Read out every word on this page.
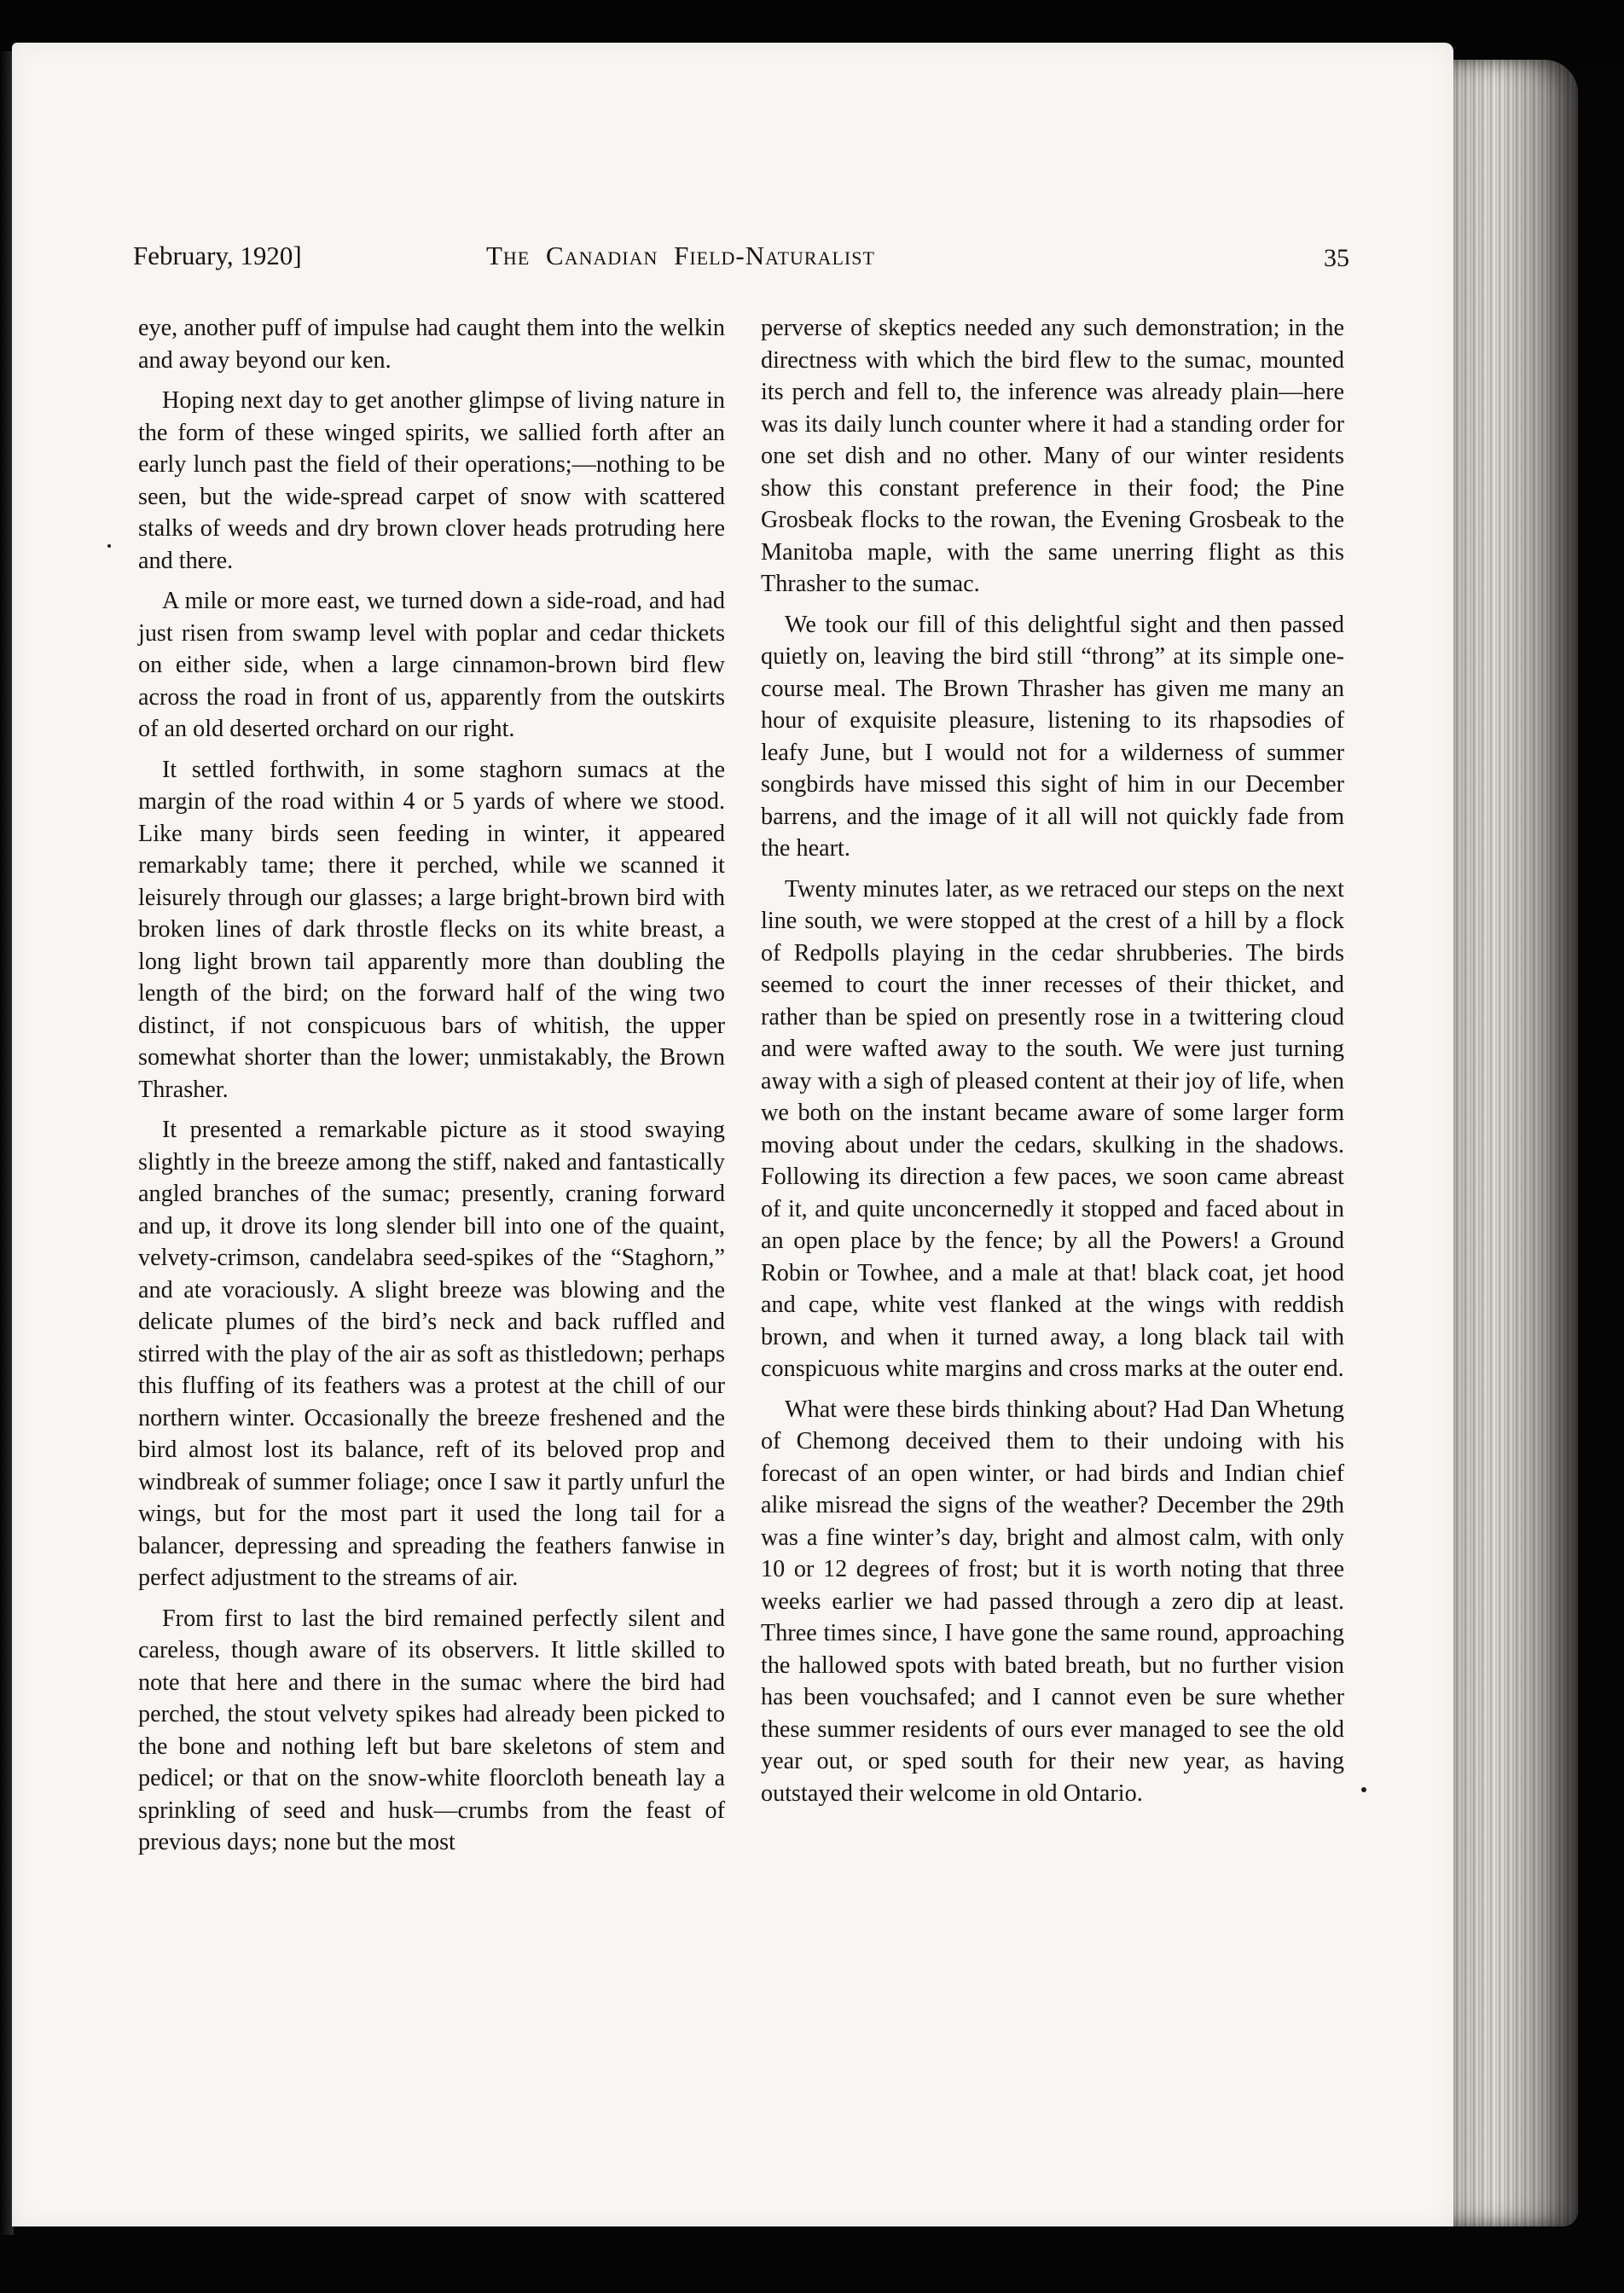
February, 1920]	The Canadian Field-Naturalist	35

eye, another puff of impulse had caught them into the welkin and away beyond our ken.

Hoping next day to get another glimpse of living nature in the form of these winged spirits, we sallied forth after an early lunch past the field of their operations;—nothing to be seen, but the wide-spread carpet of snow with scattered stalks of weeds and dry brown clover heads protruding here and there.

A mile or more east, we turned down a side-road, and had just risen from swamp level with poplar and cedar thickets on either side, when a large cinnamon-brown bird flew across the road in front of us, apparently from the outskirts of an old deserted orchard on our right.

It settled forthwith, in some staghorn sumacs at the margin of the road within 4 or 5 yards of where we stood. Like many birds seen feeding in winter, it appeared remarkably tame; there it perched, while we scanned it leisurely through our glasses; a large bright-brown bird with broken lines of dark throstle flecks on its white breast, a long light brown tail apparently more than doubling the length of the bird; on the forward half of the wing two distinct, if not conspicuous bars of whitish, the upper somewhat shorter than the lower; unmistakably, the Brown Thrasher.

It presented a remarkable picture as it stood swaying slightly in the breeze among the stiff, naked and fantastically angled branches of the sumac; presently, craning forward and up, it drove its long slender bill into one of the quaint, velvety-crimson, candelabra seed-spikes of the “Staghorn,” and ate voraciously. A slight breeze was blowing and the delicate plumes of the bird’s neck and back ruffled and stirred with the play of the air as soft as thistledown; perhaps this fluffing of its feathers was a protest at the chill of our northern winter. Occasionally the breeze freshened and the bird almost lost its balance, reft of its beloved prop and windbreak of summer foliage; once I saw it partly unfurl the wings, but for the most part it used the long tail for a balancer, depressing and spreading the feathers fanwise in perfect adjustment to the streams of air.

From first to last the bird remained perfectly silent and careless, though aware of its observers. It little skilled to note that here and there in the sumac where the bird had perched, the stout velvety spikes had already been picked to the bone and nothing left but bare skeletons of stem and pedicel; or that on the snow-white floorcloth beneath lay a sprinkling of seed and husk—crumbs from the feast of previous days; none but the most

perverse of skeptics needed any such demonstration; in the directness with which the bird flew to the sumac, mounted its perch and fell to, the inference was already plain—here was its daily lunch counter where it had a standing order for one set dish and no other. Many of our winter residents show this constant preference in their food; the Pine Grosbeak flocks to the rowan, the Evening Grosbeak to the Manitoba maple, with the same unerring flight as this Thrasher to the sumac.

We took our fill of this delightful sight and then passed quietly on, leaving the bird still “throng” at its simple one-course meal. The Brown Thrasher has given me many an hour of exquisite pleasure, listening to its rhapsodies of leafy June, but I would not for a wilderness of summer songbirds have missed this sight of him in our December barrens, and the image of it all will not quickly fade from the heart.

Twenty minutes later, as we retraced our steps on the next line south, we were stopped at the crest of a hill by a flock of Redpolls playing in the cedar shrubberies. The birds seemed to court the inner recesses of their thicket, and rather than be spied on presently rose in a twittering cloud and were wafted away to the south. We were just turning away with a sigh of pleased content at their joy of life, when we both on the instant became aware of some larger form moving about under the cedars, skulking in the shadows. Following its direction a few paces, we soon came abreast of it, and quite unconcernedly it stopped and faced about in an open place by the fence; by all the Powers! a Ground Robin or Towhee, and a male at that! black coat, jet hood and cape, white vest flanked at the wings with reddish brown, and when it turned away, a long black tail with conspicuous white margins and cross marks at the outer end.

What were these birds thinking about? Had Dan Whetung of Chemong deceived them to their undoing with his forecast of an open winter, or had birds and Indian chief alike misread the signs of the weather? December the 29th was a fine winter’s day, bright and almost calm, with only 10 or 12 degrees of frost; but it is worth noting that three weeks earlier we had passed through a zero dip at least. Three times since, I have gone the same round, approaching the hallowed spots with bated breath, but no further vision has been vouchsafed; and I cannot even be sure whether these summer residents of ours ever managed to see the old year out, or sped south for their new year, as having outstayed their welcome in old Ontario.
